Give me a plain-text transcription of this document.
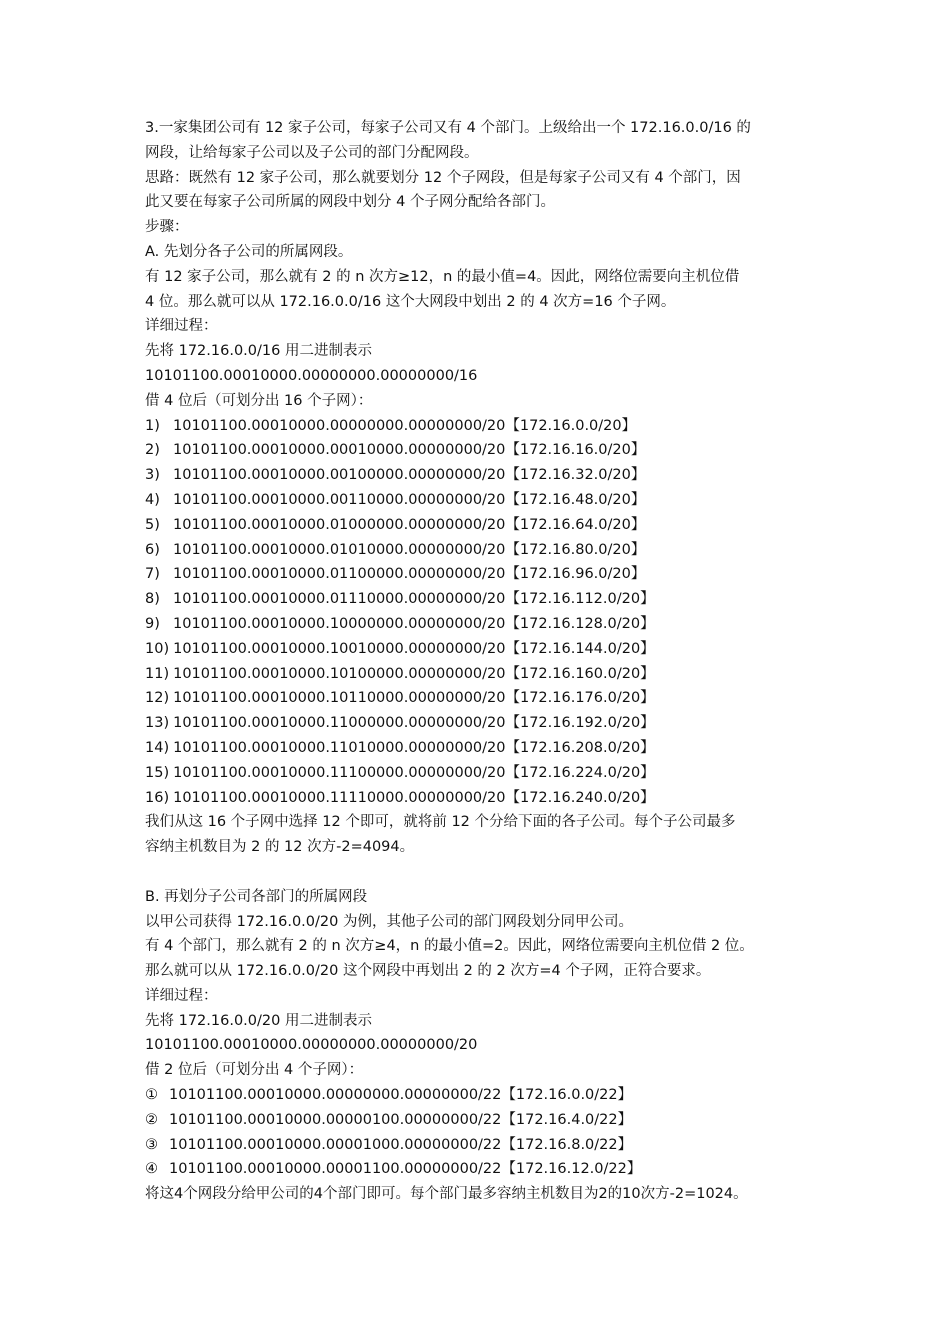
3.一家集团公司有 12 家子公司，每家子公司又有 4 个部门。上级给出一个 172.16.0.0/16 的
网段，让给每家子公司以及子公司的部门分配网段。
思路：既然有 12 家子公司，那么就要划分 12 个子网段，但是每家子公司又有 4 个部门，因
此又要在每家子公司所属的网段中划分 4 个子网分配给各部门。
步骤：
A. 先划分各子公司的所属网段。
有 12 家子公司，那么就有 2 的 n 次方≥12，n 的最小值=4。因此，网络位需要向主机位借
4 位。那么就可以从 172.16.0.0/16 这个大网段中划出 2 的 4 次方=16 个子网。
详细过程：
先将 172.16.0.0/16 用二进制表示
10101100.00010000.00000000.00000000/16
借 4 位后（可划分出 16 个子网）：
1) 10101100.00010000.00000000.00000000/20【172.16.0.0/20】
2) 10101100.00010000.00010000.00000000/20【172.16.16.0/20】
3) 10101100.00010000.00100000.00000000/20【172.16.32.0/20】
4) 10101100.00010000.00110000.00000000/20【172.16.48.0/20】
5) 10101100.00010000.01000000.00000000/20【172.16.64.0/20】
6) 10101100.00010000.01010000.00000000/20【172.16.80.0/20】
7) 10101100.00010000.01100000.00000000/20【172.16.96.0/20】
8) 10101100.00010000.01110000.00000000/20【172.16.112.0/20】
9) 10101100.00010000.10000000.00000000/20【172.16.128.0/20】
10) 10101100.00010000.10010000.00000000/20【172.16.144.0/20】
11) 10101100.00010000.10100000.00000000/20【172.16.160.0/20】
12) 10101100.00010000.10110000.00000000/20【172.16.176.0/20】
13) 10101100.00010000.11000000.00000000/20【172.16.192.0/20】
14) 10101100.00010000.11010000.00000000/20【172.16.208.0/20】
15) 10101100.00010000.11100000.00000000/20【172.16.224.0/20】
16) 10101100.00010000.11110000.00000000/20【172.16.240.0/20】
我们从这 16 个子网中选择 12 个即可，就将前 12 个分给下面的各子公司。每个子公司最多
容纳主机数目为 2 的 12 次方-2=4094。
B. 再划分子公司各部门的所属网段
以甲公司获得 172.16.0.0/20 为例，其他子公司的部门网段划分同甲公司。
有 4 个部门，那么就有 2 的 n 次方≥4，n 的最小值=2。因此，网络位需要向主机位借 2 位。
那么就可以从 172.16.0.0/20 这个网段中再划出 2 的 2 次方=4 个子网，正符合要求。
详细过程：
先将 172.16.0.0/20 用二进制表示
10101100.00010000.00000000.00000000/20
借 2 位后（可划分出 4 个子网）：
① 10101100.00010000.00000000.00000000/22【172.16.0.0/22】
② 10101100.00010000.00000100.00000000/22【172.16.4.0/22】
③ 10101100.00010000.00001000.00000000/22【172.16.8.0/22】
④ 10101100.00010000.00001100.00000000/22【172.16.12.0/22】
将这4个网段分给甲公司的4个部门即可。每个部门最多容纳主机数目为2的10次方-2=1024。
